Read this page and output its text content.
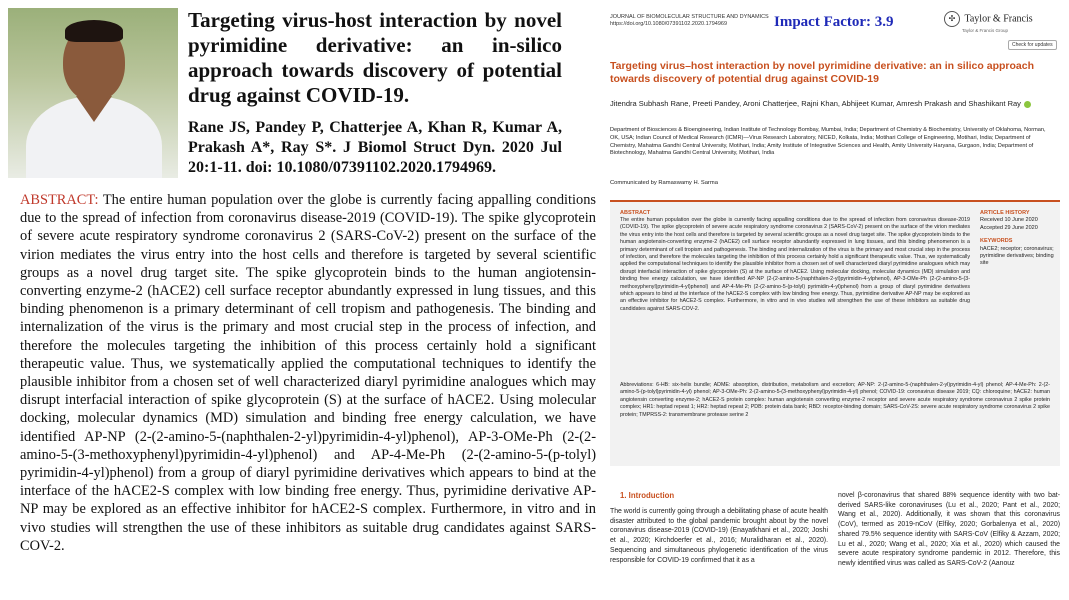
Targeting virus-host interaction by novel pyrimidine derivative: an in-silico approach towards discovery of potential drug against COVID-19.
Rane JS, Pandey P, Chatterjee A, Khan R, Kumar A, Prakash A*, Ray S*. J Biomol Struct Dyn. 2020 Jul 20:1-11. doi: 10.1080/07391102.2020.1794969.
ABSTRACT: The entire human population over the globe is currently facing appalling conditions due to the spread of infection from coronavirus disease-2019 (COVID-19). The spike glycoprotein of severe acute respiratory syndrome coronavirus 2 (SARS-CoV-2) present on the surface of the virion mediates the virus entry into the host cells and therefore is targeted by several scientific groups as a novel drug target site. The spike glycoprotein binds to the human angiotensin-converting enzyme-2 (hACE2) cell surface receptor abundantly expressed in lung tissues, and this binding phenomenon is a primary determinant of cell tropism and pathogenesis. The binding and internalization of the virus is the primary and most crucial step in the process of infection, and therefore the molecules targeting the inhibition of this process certainly hold a significant therapeutic value. Thus, we systematically applied the computational techniques to identify the plausible inhibitor from a chosen set of well characterized diaryl pyrimidine analogues which may disrupt interfacial interaction of spike glycoprotein (S) at the surface of hACE2. Using molecular docking, molecular dynamics (MD) simulation and binding free energy calculation, we have identified AP-NP (2-(2-amino-5-(naphthalen-2-yl)pyrimidin-4-yl)phenol), AP-3-OMe-Ph (2-(2-amino-5-(3-methoxyphenyl)pyrimidin-4-yl)phenol) and AP-4-Me-Ph (2-(2-amino-5-(p-tolyl) pyrimidin-4-yl)phenol) from a group of diaryl pyrimidine derivatives which appears to bind at the interface of the hACE2-S complex with low binding free energy. Thus, pyrimidine derivative AP-NP may be explored as an effective inhibitor for hACE2-S complex. Furthermore, in vitro and in vivo studies will strengthen the use of these inhibitors as suitable drug candidates against SARS-COV-2.
JOURNAL OF BIOMOLECULAR STRUCTURE AND DYNAMICS
https://doi.org/10.1080/07391102.2020.1794969	Impact Factor: 3.9	✣ Taylor & Francis
Taylor & Francis Group
Check for updates
Targeting virus–host interaction by novel pyrimidine derivative: an in silico approach towards discovery of potential drug against COVID-19
Jitendra Subhash Rane, Preeti Pandey, Aroni Chatterjee, Rajni Khan, Abhijeet Kumar, Amresh Prakash and Shashikant Ray
Department of Biosciences & Bioengineering, Indian Institute of Technology Bombay, Mumbai, India; Department of Chemistry & Biochemistry, University of Oklahoma, Norman, OK, USA; Indian Council of Medical Research (ICMR)—Virus Research Laboratory, NICED, Kolkata, India; Motihari College of Engineering, Motihari, India; Department of Chemistry, Mahatma Gandhi Central University, Motihari, India; Amity Institute of Integrative Sciences and Health, Amity University Haryana, Gurgaon, India; Department of Biotechnology, Mahatma Gandhi Central University, Motihari, India
Communicated by Ramaswamy H. Sarma
ABSTRACT
The entire human population over the globe is currently facing appalling conditions due to the spread of infection from coronavirus disease-2019 (COVID-19). The spike glycoprotein of severe acute respiratory syndrome coronavirus 2 (SARS-CoV-2) present on the surface of the virion mediates the virus entry into the host cells and therefore is targeted by several scientific groups as a novel drug target site. The spike glycoprotein binds to the human angiotensin-converting enzyme-2 (hACE2) cell surface receptor abundantly expressed in lung tissues, and this binding phenomenon is a primary determinant of cell tropism and pathogenesis. The binding and internalization of the virus is the primary and most crucial step in the process of infection, and therefore the molecules targeting the inhibition of this process certainly hold a significant therapeutic value. Thus, we systematically applied the computational techniques to identify the plausible inhibitor from a chosen set of well characterized diaryl pyrimidine analogues which may disrupt interfacial interaction of spike glycoprotein (S) at the surface of hACE2. Using molecular docking, molecular dynamics (MD) simulation and binding free energy calculation, we have identified AP-NP (2-(2-amino-5-(naphthalen-2-yl)pyrimidin-4-ylphenol), AP-3-OMe-Ph (2-(2-amino-5-(3-methoxyphenyl)pyrimidin-4-yl)phenol) and AP-4-Me-Ph (2-(2-amino-5-(p-tolyl) pyrimidin-4-yl)phenol) from a group of diaryl pyrimidine derivatives which appears to bind at the interface of the hACE2-S complex with low binding free energy. Thus, pyrimidine derivative AP-NP may be explored as an effective inhibitor for hACE2-S complex. Furthermore, in vitro and in vivo studies will strengthen the use of these inhibitors as suitable drug candidates against SARS-COV-2.
ARTICLE HISTORY
Received 10 June 2020
Accepted 29 June 2020
KEYWORDS
hACE2; receptor; coronavirus; pyrimidine derivatives; binding site
Abbreviations: 6-HB: six-helix bundle; ADME: absorption, distribution, metabolism and excretion; AP-NP: 2-(2-amino-5-(naphthalen-2-yl)pyrimidin-4-yl) phenol; AP-4-Me-Ph: 2-(2-amino-5-(p-tolyl)pyrimidin-4-yl) phenol; AP-3-OMe-Ph: 2-(2-amino-5-(3-methoxyphenyl)pyrimidin-4-yl) phenol; COVID-19: coronavirus disease 2019; CQ: chloroquine; hACE2: human angiotensin converting enzyme-2; hACE2-S protein complex: human angiotensin converting enzyme-2 receptor and severe acute respiratory syndrome coronavirus 2 spike protein complex; HR1: heptad repeat 1; HR2: heptad repeat 2; PDB: protein data bank; RBD: receptor-binding domain; SARS-CoV-2S: severe acute respiratory syndrome coronavirus 2 spike protein; TMPRSS-2: transmembrane protease serine 2
1. Introduction
The world is currently going through a debilitating phase of acute health disaster attributed to the global pandemic brought about by the novel coronavirus disease-2019 (COVID-19) (Enayatkhani et al., 2020; Joshi et al., 2020; Kirchdoerfer et al., 2016; Muralidharan et al., 2020). Sequencing and simultaneous phylogenetic identification of the virus responsible for COVID-19 confirmed that it as a
novel β-coronavirus that shared 88% sequence identity with two bat-derived SARS-like coronaviruses (Lu et al., 2020; Pant et al., 2020; Wang et al., 2020). Additionally, it was shown that this coronavirus (CoV), termed as 2019-nCoV (Elfiky, 2020; Gorbalenya et al., 2020) shared 79.5% sequence identity with SARS-CoV (Elfiky & Azzam, 2020; Lu et al., 2020; Wang et al., 2020; Xia et al., 2020) which caused the severe acute respiratory syndrome pandemic in 2012. Therefore, this newly identified virus was called as SARS-CoV-2 (Aanouz
